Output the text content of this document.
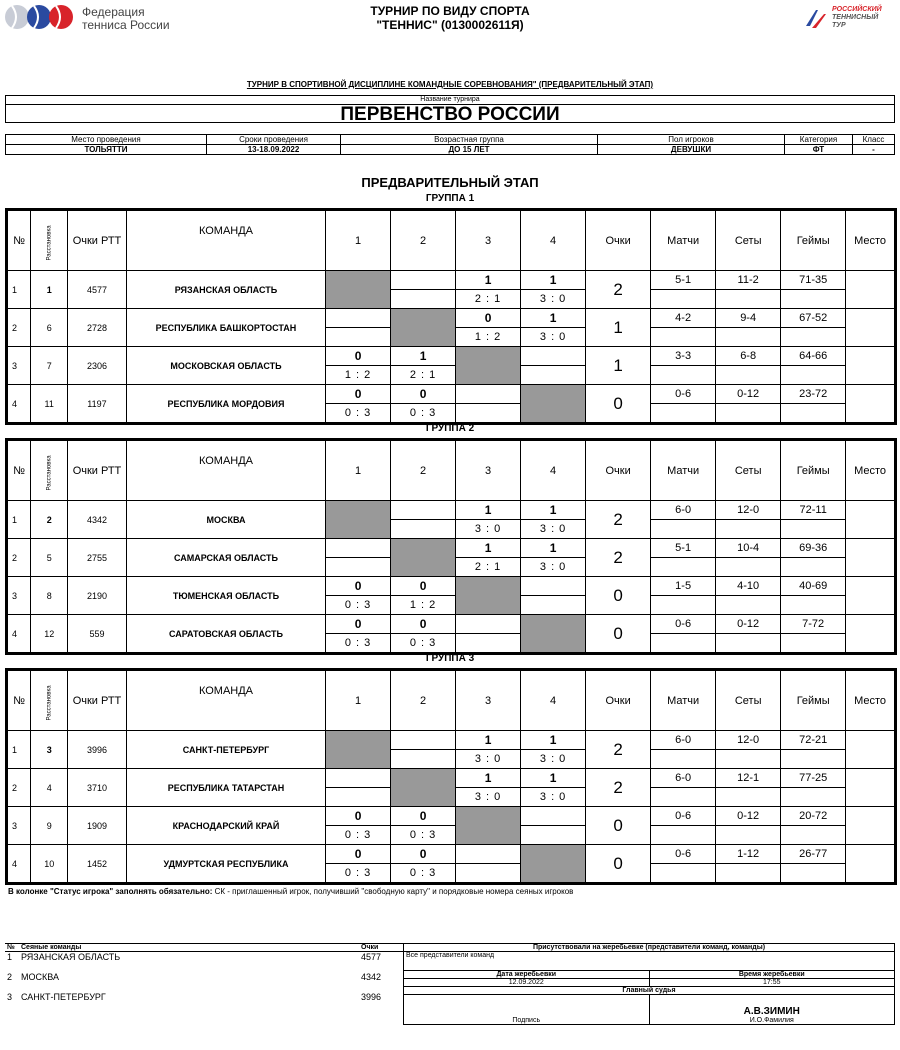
Федерация
тенниса России
ТУРНИР ПО ВИДУ СПОРТА
"ТЕННИС" (0130002611Я)
РОССИЙСКИЙ
ТЕННИСНЫЙ
ТУР
ТУРНИР В СПОРТИВНОЙ ДИСЦИПЛИНЕ КОМАНДНЫЕ СОРЕВНОВАНИЯ" (ПРЕДВАРИТЕЛЬНЫЙ ЭТАП)
Название турнира
ПЕРВЕНСТВО РОССИИ
Место проведения	Сроки проведения	Возрастная группа	Пол игроков	Категория	Класс
ТОЛЬЯТТИ	13-18.09.2022	ДО 15 ЛЕТ	ДЕВУШКИ	ФТ	-
ПРЕДВАРИТЕЛЬНЫЙ ЭТАП
ГРУППА 1
№	Расстановка	Очки РТТ	КОМАНДА	1	2	3	4	Очки	Матчи	Сеты	Геймы	Место
1	1	4577	РЯЗАНСКАЯ ОБЛАСТЬ			1	1	2	5-1	11-2	71-35	
						2 : 1	3 : 0					
2	6	2728	РЕСПУБЛИКА БАШКОРТОСТАН			0	1	1	4-2	9-4	67-52	
						1 : 2	3 : 0					
3	7	2306	МОСКОВСКАЯ ОБЛАСТЬ	0	1			1	3-3	6-8	64-66	
				1 : 2	2 : 1							
4	11	1197	РЕСПУБЛИКА МОРДОВИЯ	0	0			0	0-6	0-12	23-72	
				0 : 3	0 : 3							
ГРУППА 2
№	Расстановка	Очки РТТ	КОМАНДА	1	2	3	4	Очки	Матчи	Сеты	Геймы	Место
1	2	4342	МОСКВА			1	1	2	6-0	12-0	72-11	
						3 : 0	3 : 0					
2	5	2755	САМАРСКАЯ ОБЛАСТЬ			1	1	2	5-1	10-4	69-36	
						2 : 1	3 : 0					
3	8	2190	ТЮМЕНСКАЯ ОБЛАСТЬ	0	0			0	1-5	4-10	40-69	
				0 : 3	1 : 2							
4	12	559	САРАТОВСКАЯ ОБЛАСТЬ	0	0			0	0-6	0-12	7-72	
				0 : 3	0 : 3							
ГРУППА 3
№	Расстановка	Очки РТТ	КОМАНДА	1	2	3	4	Очки	Матчи	Сеты	Геймы	Место
1	3	3996	САНКТ-ПЕТЕРБУРГ			1	1	2	6-0	12-0	72-21	
						3 : 0	3 : 0					
2	4	3710	РЕСПУБЛИКА ТАТАРСТАН			1	1	2	6-0	12-1	77-25	
						3 : 0	3 : 0					
3	9	1909	КРАСНОДАРСКИЙ КРАЙ	0	0			0	0-6	0-12	20-72	
				0 : 3	0 : 3							
4	10	1452	УДМУРТСКАЯ РЕСПУБЛИКА	0	0			0	0-6	1-12	26-77	
				0 : 3	0 : 3							
В колонке "Статус игрока" заполнять обязательно: СК - приглашенный игрок, получивший "свободную карту" и порядковые номера сеяных игроков
№	Сеяные команды	Очки
1	РЯЗАНСКАЯ ОБЛАСТЬ	4577
2	МОСКВА	4342
3	САНКТ-ПЕТЕРБУРГ	3996
Присутствовали на жеребьевке (представители команд, команды)	
Все представители команд	
Дата жеребьевки	Время жеребьевки
12.09.2022	17:55
Главный судья	
Подпись	А.В.ЗИМИН
И.О.Фамилия
